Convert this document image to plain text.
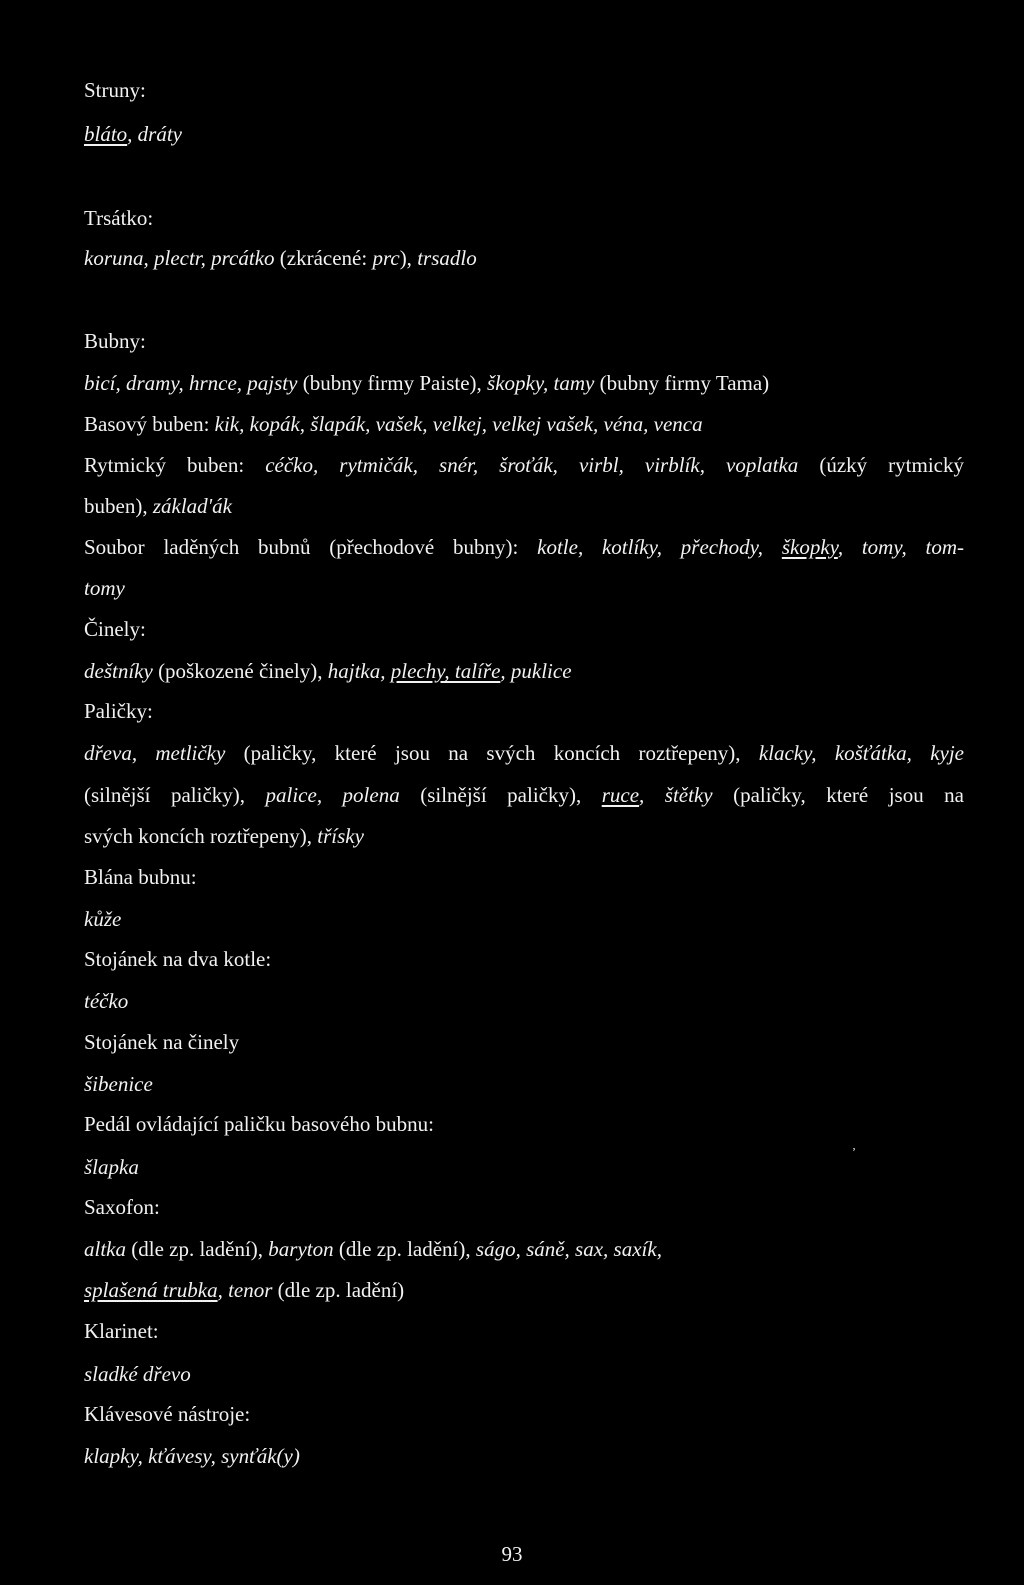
Struny:
bláto, dráty
Trsátko:
koruna, plectr, prcátko (zkrácené: prc), trsadlo
Bubny:
bicí, dramy, hrnce, pajsty (bubny firmy Paiste), škopky, tamy (bubny firmy Tama)
Basový buben: kik, kopák, šlapák, vašek, velkej, velkej vašek, véna, venca
Rytmický buben: céčko, rytmičák, snér, šroťák, virbl, virblík, voplatka (úzký rytmický
buben), základ'ák
Soubor laděných bubnů (přechodové bubny): kotle, kotlíky, přechody, škopky, tomy, tom-
tomy
Činely:
deštníky (poškozené činely), hajtka, plechy, talíře, puklice
Paličky:
dřeva, metličky (paličky, které jsou na svých koncích roztřepeny), klacky, košťátka, kyje
(silnější paličky), palice, polena (silnější paličky), ruce, štětky (paličky, které jsou na
svých koncích roztřepeny), třísky
Blána bubnu:
kůže
Stojánek na dva kotle:
téčko
Stojánek na činely
šibenice
Pedál ovládající paličku basového bubnu:
šlapka
Saxofon:
altka (dle zp. ladění), baryton (dle zp. ladění), ságo, sáně, sax, saxík,
splašená trubka, tenor (dle zp. ladění)
Klarinet:
sladké dřevo
Klávesové nástroje:
klapky, kťávesy, synťák(y)
‚
93
